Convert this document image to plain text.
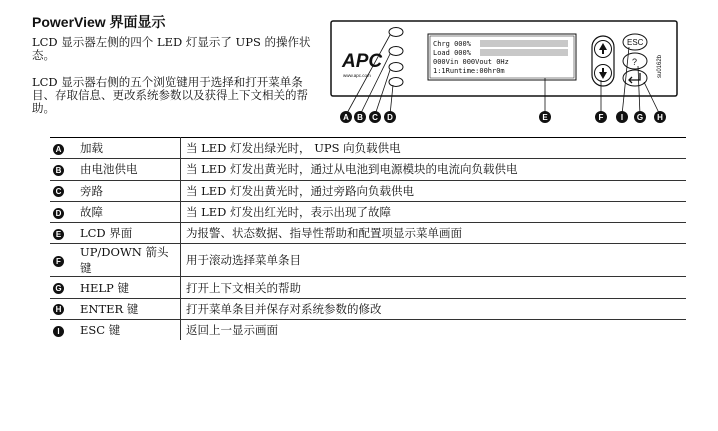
PowerView 界面显示
LCD 显示器左侧的四个 LED 灯显示了 UPS 的操作状态。
LCD 显示器右侧的五个浏览键用于选择和打开菜单条目、存取信息、更改系统参数以及获得上下文相关的帮助。
APC
www.apc.com
Chrg 000%
Load 000%
000Vin 000Vout 0Hz
1:1Runtime:00hr0m
ESC
?	su0162b
A B C D	E	F I G H
A	加载	当 LED 灯发出绿光时， UPS 向负载供电
B	由电池供电	当 LED 灯发出黄光时，通过从电池到电源模块的电流向负载供电
C	旁路	当 LED 灯发出黄光时，通过旁路向负载供电
D	故障	当 LED 灯发出红光时，表示出现了故障
E	LCD 界面	为报警、状态数据、指导性帮助和配置项显示菜单画面
F	UP/DOWN 箭头键	用于滚动选择菜单条目
G	HELP 键	打开上下文相关的帮助
H	ENTER 键	打开菜单条目并保存对系统参数的修改
I	ESC 键	返回上一显示画面
